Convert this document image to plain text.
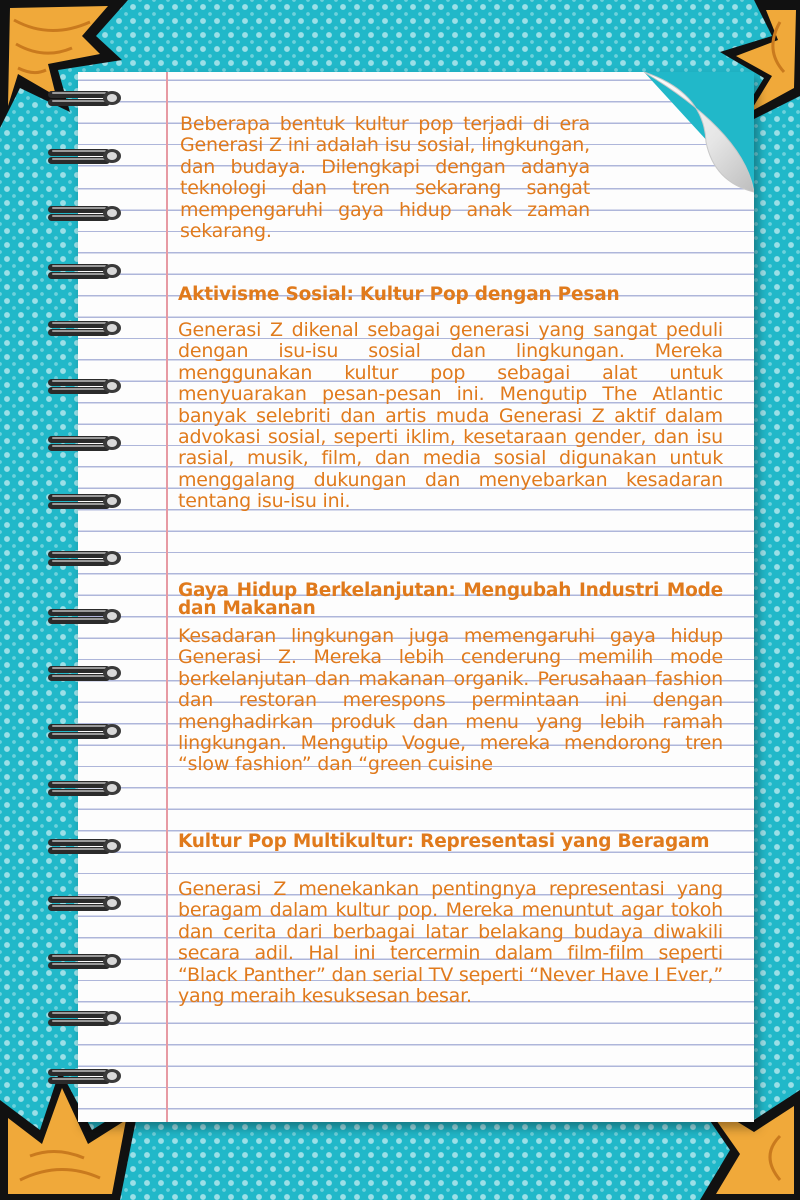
Beberapa bentuk kultur pop terjadi di era Generasi Z ini adalah isu sosial, lingkungan, dan budaya. Dilengkapi dengan adanya teknologi dan tren sekarang sangat mempengaruhi gaya hidup anak zaman sekarang.

Aktivisme Sosial: Kultur Pop dengan Pesan

Generasi Z dikenal sebagai generasi yang sangat peduli dengan isu-isu sosial dan lingkungan. Mereka menggunakan kultur pop sebagai alat untuk menyuarakan pesan-pesan ini. Mengutip The Atlantic banyak selebriti dan artis muda Generasi Z aktif dalam advokasi sosial, seperti iklim, kesetaraan gender, dan isu rasial, musik, film, dan media sosial digunakan untuk menggalang dukungan dan menyebarkan kesadaran tentang isu-isu ini.

Gaya Hidup Berkelanjutan: Mengubah Industri Mode dan Makanan

Kesadaran lingkungan juga memengaruhi gaya hidup Generasi Z. Mereka lebih cenderung memilih mode berkelanjutan dan makanan organik. Perusahaan fashion dan restoran merespons permintaan ini dengan menghadirkan produk dan menu yang lebih ramah lingkungan. Mengutip Vogue, mereka mendorong tren “slow fashion” dan “green cuisine

Kultur Pop Multikultur: Representasi yang Beragam

Generasi Z menekankan pentingnya representasi yang beragam dalam kultur pop. Mereka menuntut agar tokoh dan cerita dari berbagai latar belakang budaya diwakili secara adil. Hal ini tercermin dalam film-film seperti “Black Panther” dan serial TV seperti “Never Have I Ever,” yang meraih kesuksesan besar.
